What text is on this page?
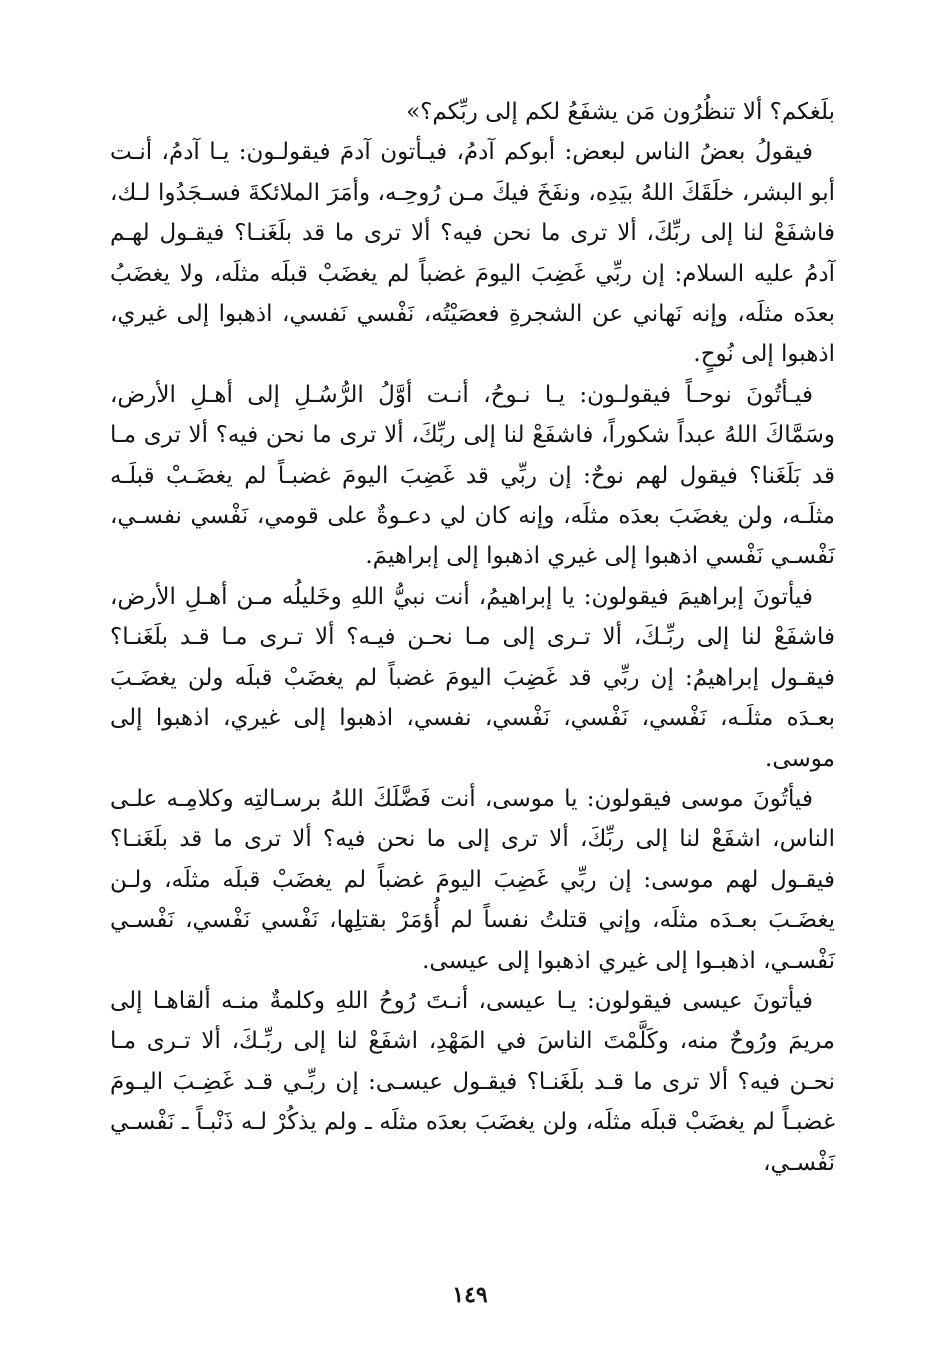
بلَغكم؟ ألا تنظُرُون مَن يشفَعُ لكم إلى ربِّكم؟»

فيقولُ بعضُ الناس لبعض: أبوكم آدمُ، فيـأتون آدمَ فيقولـون: يـا آدمُ، أنـت أبو البشر، خلَقَكَ اللهُ بيَدِه، ونفَخَ فيكَ مـن رُوحِـه، وأمَرَ الملائكةَ فسـجَدُوا لـك، فاشفَعْ لنا إلى ربِّكَ، ألا ترى ما نحن فيه؟ ألا ترى ما قد بلَغَنـا؟ فيقـول لهـم آدمُ عليه السلام: إن ربِّي غَضِبَ اليومَ غضباً لم يغضَبْ قبلَه مثلَه، ولا يغضَبُ بعدَه مثلَه، وإنه نَهاني عن الشجرةِ فعصَيْتُه، نَفْسي نَفسي، اذهبوا إلى غيري، اذهبوا إلى نُوحٍ.

فيـأتُونَ نوحـاً فيقولـون: يـا نـوحُ، أنـت أوَّلُ الرُّسُـلِ إلى أهـلِ الأرض، وسَمَّاكَ اللهُ عبداً شكوراً، فاشفَعْ لنا إلى ربِّكَ، ألا ترى ما نحن فيه؟ ألا ترى مـا قد بَلَغَنا؟ فيقول لهم نوحٌ: إن ربِّي قد غَضِبَ اليومَ غضبـاً لم يغضَـبْ قبلَـه مثلَـه، ولن يغضَبَ بعدَه مثلَه، وإنه كان لي دعـوةٌ على قومي، نَفْسي نفسـي، نَفْسـي نَفْسي اذهبوا إلى غيري اذهبوا إلى إبراهيمَ.

فيأتونَ إبراهيمَ فيقولون: يا إبراهيمُ، أنت نبيُّ اللهِ وخَليلُه مـن أهـلِ الأرض، فاشفَعْ لنا إلى ربِّـكَ، ألا تـرى إلى مـا نحـن فيـه؟ ألا تـرى مـا قـد بلَغَنـا؟ فيقـول إبراهيمُ: إن ربِّي قد غَضِبَ اليومَ غضباً لم يغضَبْ قبلَه ولن يغضَـبَ بعـدَه مثلَـه، نَفْسي، نَفْسي، نَفْسي، نفسي، اذهبوا إلى غيري، اذهبوا إلى موسى.

فيأتُونَ موسى فيقولون: يا موسى، أنت فَضَّلَكَ اللهُ برسـالتِه وكلامِـه علـى الناس، اشفَعْ لنا إلى ربِّكَ، ألا ترى إلى ما نحن فيه؟ ألا ترى ما قد بلَغَنـا؟ فيقـول لهم موسى: إن ربِّي غَضِبَ اليومَ غضباً لم يغضَبْ قبلَه مثلَه، ولـن يغضَـبَ بعـدَه مثلَه، وإني قتلتُ نفساً لم أُؤمَرْ بقتلِها، نَفْسي نَفْسي، نَفْسـي نَفْسـي، اذهبـوا إلى غيري اذهبوا إلى عيسى.

فيأتونَ عيسى فيقولون: يـا عيسى، أنـتَ رُوحُ اللهِ وكلمةٌ منـه ألقاهـا إلى مريمَ ورُوحٌ منه، وكَلَّمْتَ الناسَ في المَهْدِ، اشفَعْ لنا إلى ربِّـكَ، ألا تـرى مـا نحـن فيه؟ ألا ترى ما قـد بلَغَنـا؟ فيقـول عيسـى: إن ربِّـي قـد غَضِـبَ اليـومَ غضبـاً لم يغضَبْ قبلَه مثلَه، ولن يغضَبَ بعدَه مثلَه ـ ولم يذكُرْ لـه ذَنْبـاً ـ نَفْسـي نَفْسـي،

١٤٩
